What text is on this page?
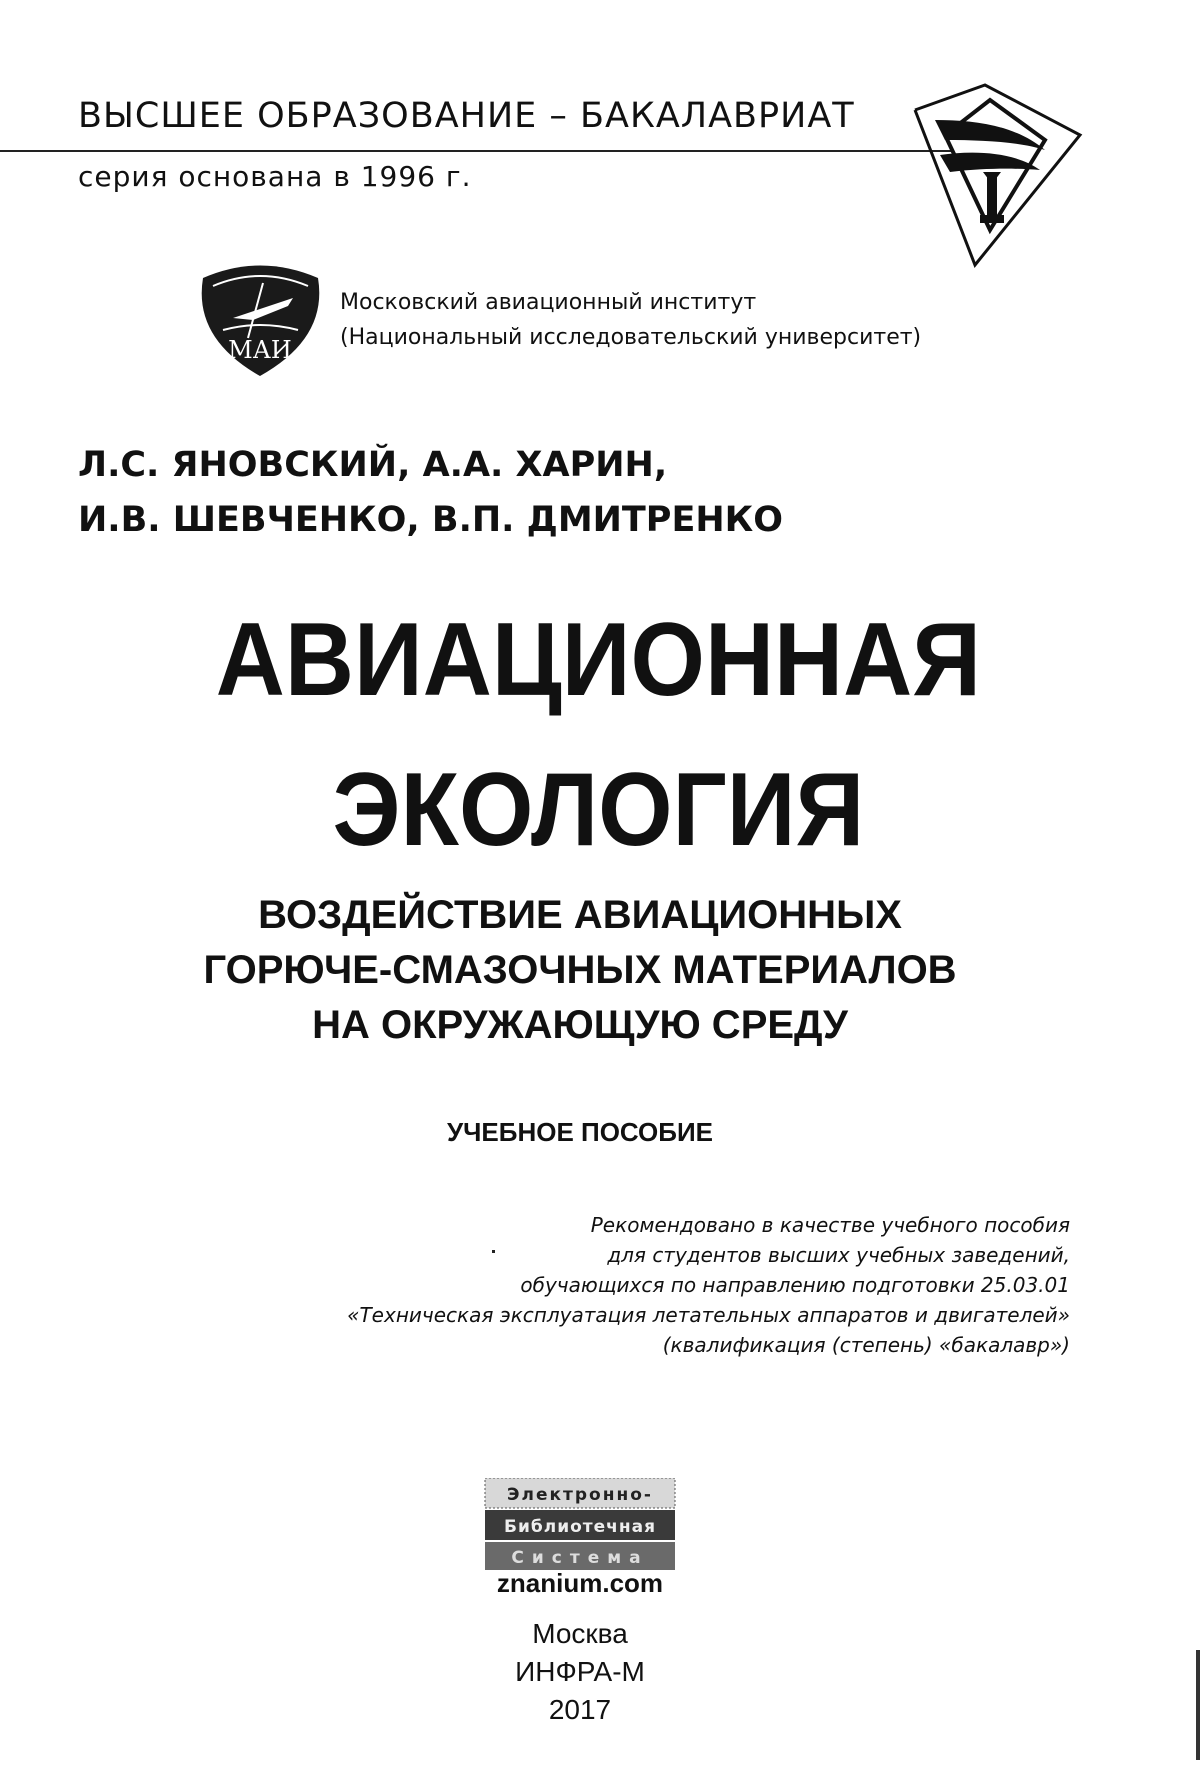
ВЫСШЕЕ ОБРАЗОВАНИЕ – БАКАЛАВРИАТ
серия основана в 1996 г.
МАИ
Московский авиационный институт
(Национальный исследовательский университет)
Л.С. ЯНОВСКИЙ, А.А. ХАРИН,
И.В. ШЕВЧЕНКО, В.П. ДМИТРЕНКО
АВИАЦИОННАЯ
ЭКОЛОГИЯ
ВОЗДЕЙСТВИЕ АВИАЦИОННЫХ
ГОРЮЧЕ-СМАЗОЧНЫХ МАТЕРИАЛОВ
НА ОКРУЖАЮЩУЮ СРЕДУ
УЧЕБНОЕ ПОСОБИЕ
Рекомендовано в качестве учебного пособия
для студентов высших учебных заведений,
обучающихся по направлению подготовки 25.03.01
«Техническая эксплуатация летательных аппаратов и двигателей»
(квалификация (степень) «бакалавр»)
Электронно-
Библиотечная
Система
znanium.com
Москва
ИНФРА-М
2017
